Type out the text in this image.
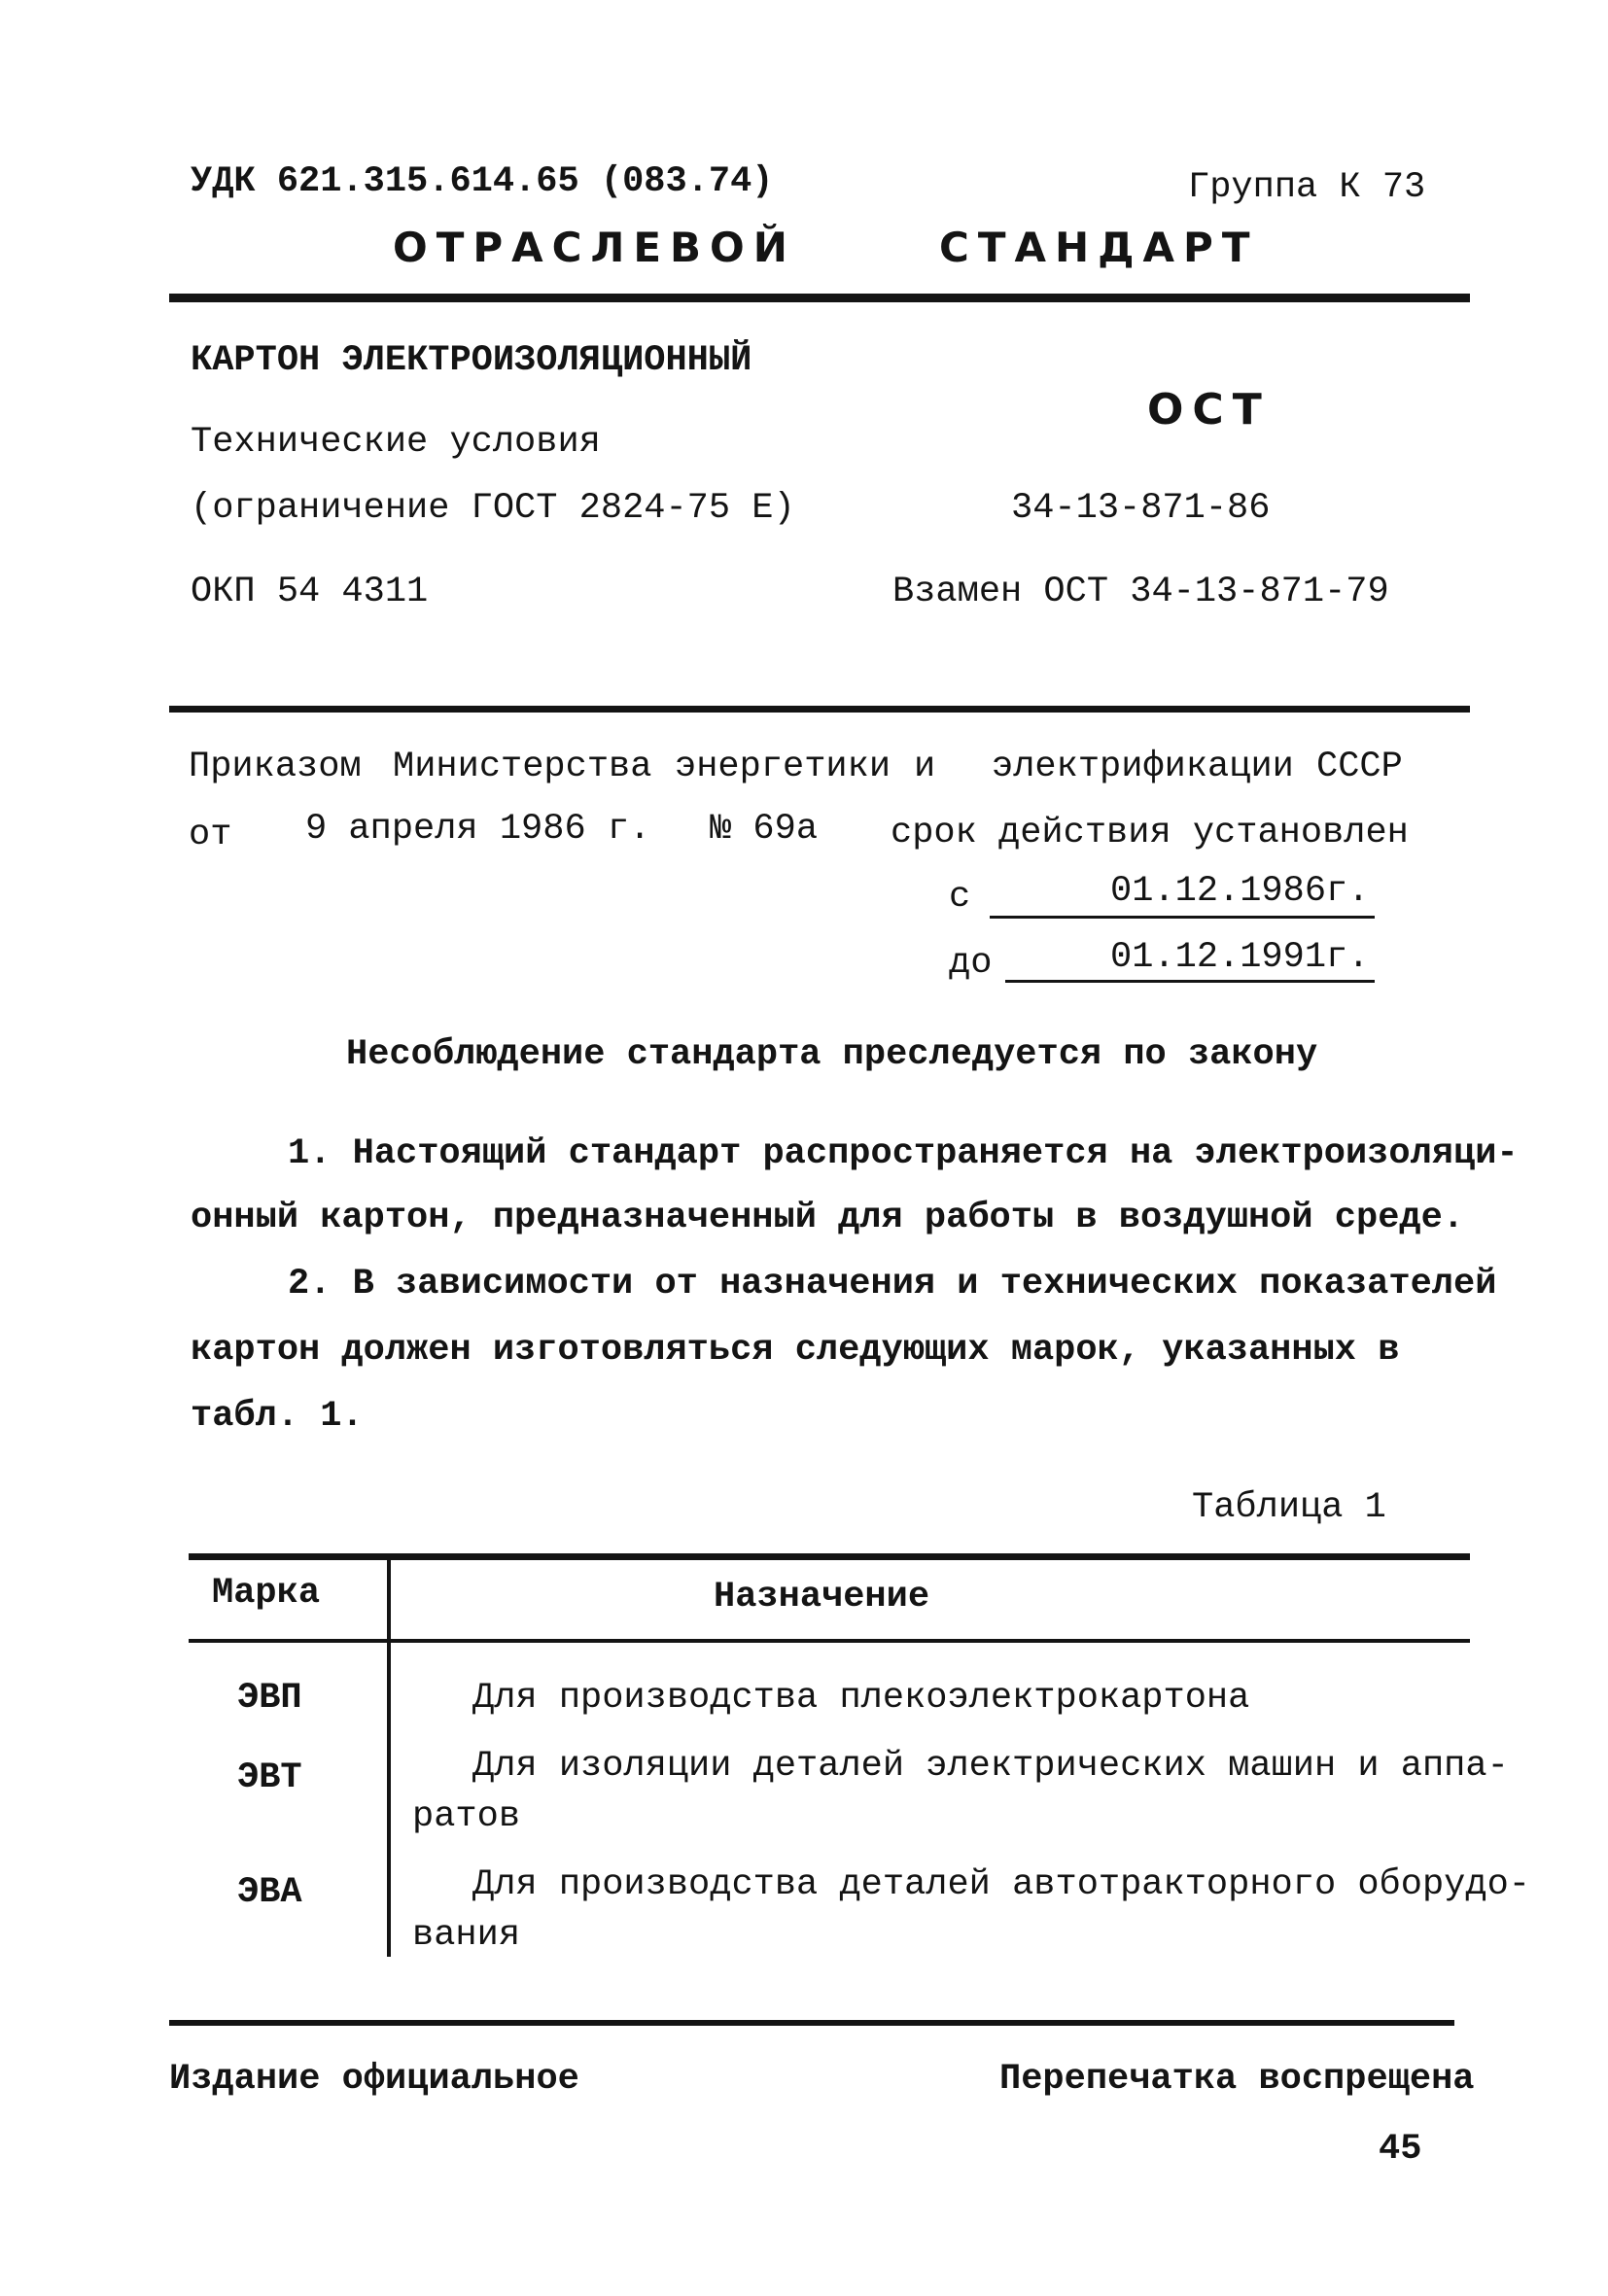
УДК 621.315.614.65 (083.74)	Группа К 73
ОТРАСЛЕВОЙ	СТАНДАРТ
КАРТОН ЭЛЕКТРОИЗОЛЯЦИОННЫЙ
Технические условия
(ограничение ГОСТ 2824-75 Е)
ОКП 54 4311
ОСТ
34-13-871-86
Взамен ОСТ 34-13-871-79
Приказом Министерства энергетики и электрификации СССР
от 9 апреля 1986 г. № 69а срок действия установлен
с	01.12.1986г.
до	01.12.1991г.
Несоблюдение стандарта преследуется по закону
1. Настоящий стандарт распространяется на электроизоляци-
онный картон, предназначенный для работы в воздушной среде.
2. В зависимости от назначения и технических показателей
картон должен изготовляться следующих марок, указанных в
табл. 1.
Таблица 1
Марка	Назначение
ЭВП	Для производства плекоэлектрокартона
ЭВТ	Для изоляции деталей электрических машин и аппа-
ратов
ЭВА	Для производства деталей автотракторного оборудо-
вания
Издание официальное	Перепечатка воспрещена
45
